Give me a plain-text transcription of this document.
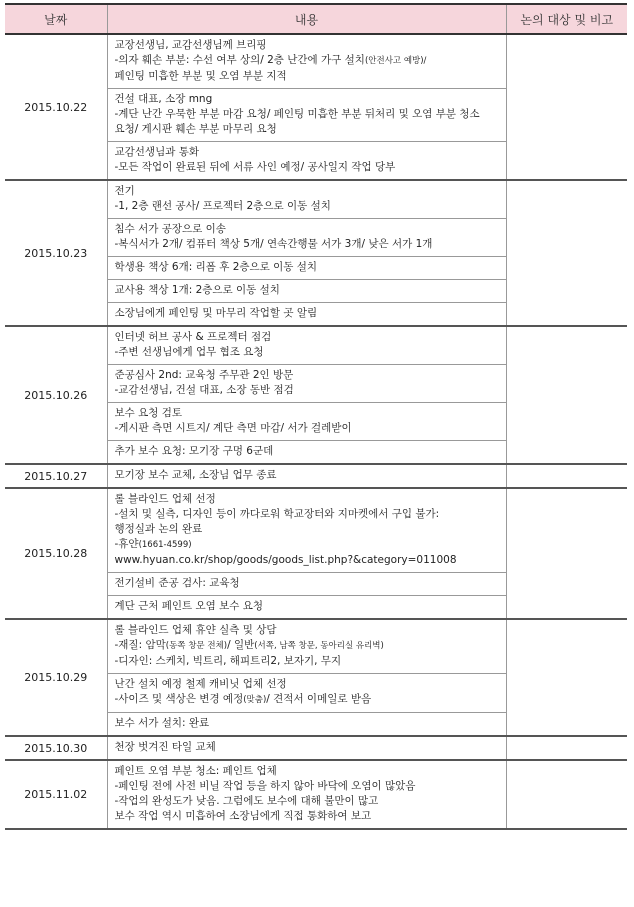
날짜	내용	논의 대상 및 비고
2015.10.22	교장선생님, 교감선생님께 브리핑
-의자 훼손 부분: 수선 여부 상의/ 2층 난간에 가구 설치(안전사고 예방)/
페인팅 미흡한 부분 및 오염 부분 지적	

	건설 대표, 소장 mng
-계단 난간 우묵한 부분 마감 요청/ 페인팅 미흡한 부분 뒤처리 및 오염 부분 청소
요청/ 게시판 훼손 부분 마무리 요청	

	교감선생님과 통화
-모든 작업이 완료된 뒤에 서류 사인 예정/ 공사일지 작업 당부	

2015.10.23	전기
-1, 2층 랜선 공사/ 프로젝터 2층으로 이동 설치	

	침수 서가 공장으로 이송
-복식서가 2개/ 컴퓨터 책상 5개/ 연속간행물 서가 3개/ 낮은 서가 1개	

	학생용 책상 6개: 리폼 후 2층으로 이동 설치	

	교사용 책상 1개: 2층으로 이동 설치	

	소장님에게 페인팅 및 마무리 작업할 곳 알림	

2015.10.26	인터넷 허브 공사 & 프로젝터 점검
-주변 선생님에게 업무 협조 요청	

	준공심사 2nd: 교육청 주무관 2인 방문
-교감선생님, 건설 대표, 소장 동반 점검	

	보수 요청 검토
-게시판 측면 시트지/ 계단 측면 마감/ 서가 걸레받이	

	추가 보수 요청: 모기장 구멍 6군데	

2015.10.27	모기장 보수 교체, 소장님 업무 종료	

2015.10.28	롤 블라인드 업체 선정
-설치 및 실측, 디자인 등이 까다로워 학교장터와 지마켓에서 구입 불가:
행정실과 논의 완료
-휴얀(1661-4599)
www.hyuan.co.kr/shop/goods/goods_list.php?&category=011008	

	전기설비 준공 검사: 교육청	

	계단 근처 페인트 오염 보수 요청	

2015.10.29	롤 블라인드 업체 휴얀 실측 및 상담
-재질: 암막(동쪽 창문 전체)/ 일반(서쪽, 남쪽 창문, 동아리실 유리벽)
-디자인: 스케치, 빅트리, 해피트리2, 보자기, 무지	

	난간 설치 예정 철제 캐비닛 업체 선정
-사이즈 및 색상은 변경 예정(맞춤)/ 견적서 이메일로 받음	

	보수 서가 설치: 완료	

2015.10.30	천장 벗겨진 타일 교체	

2015.11.02	페인트 오염 부분 청소: 페인트 업체
-페인팅 전에 사전 비닐 작업 등을 하지 않아 바닥에 오염이 많았음
-작업의 완성도가 낮음. 그럼에도 보수에 대해 불만이 많고
보수 작업 역시 미흡하여 소장님에게 직접 통화하여 보고	
